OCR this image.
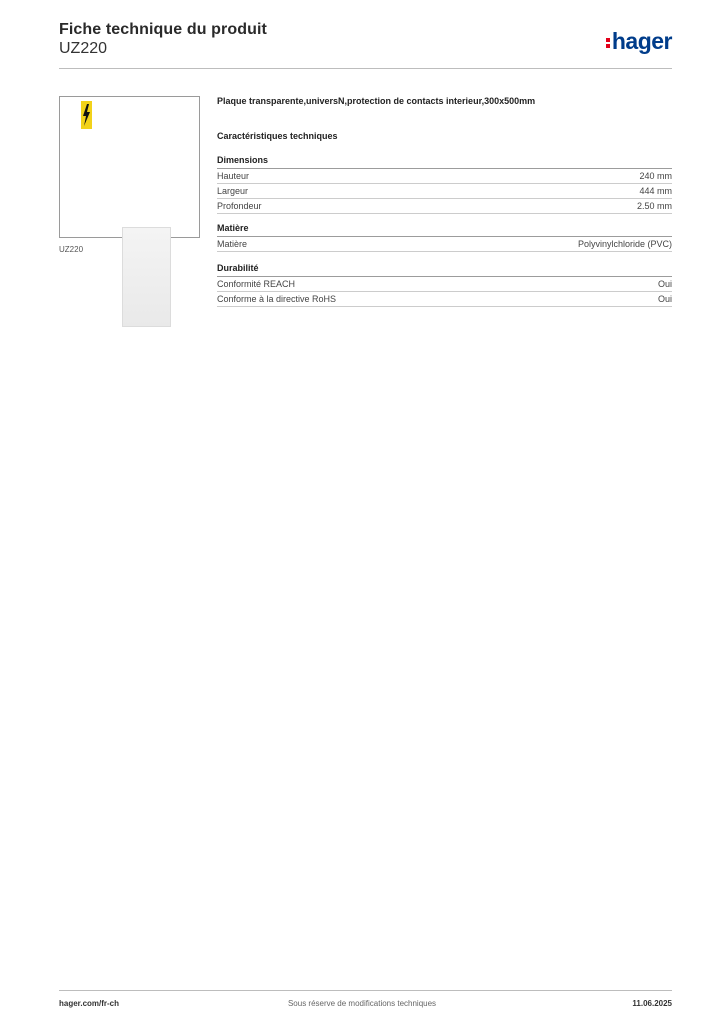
Fiche technique du produit
UZ220	hager
UZ220
Plaque transparente,universN,protection de contacts interieur,300x500mm
Caractéristiques techniques
Dimensions
Hauteur	240 mm
Largeur	444 mm
Profondeur	2.50 mm
Matière
Matière	Polyvinylchloride (PVC)
Durabilité
Conformité REACH	Oui
Conforme à la directive RoHS	Oui
hager.com/fr-ch	Sous réserve de modifications techniques	11.06.2025
